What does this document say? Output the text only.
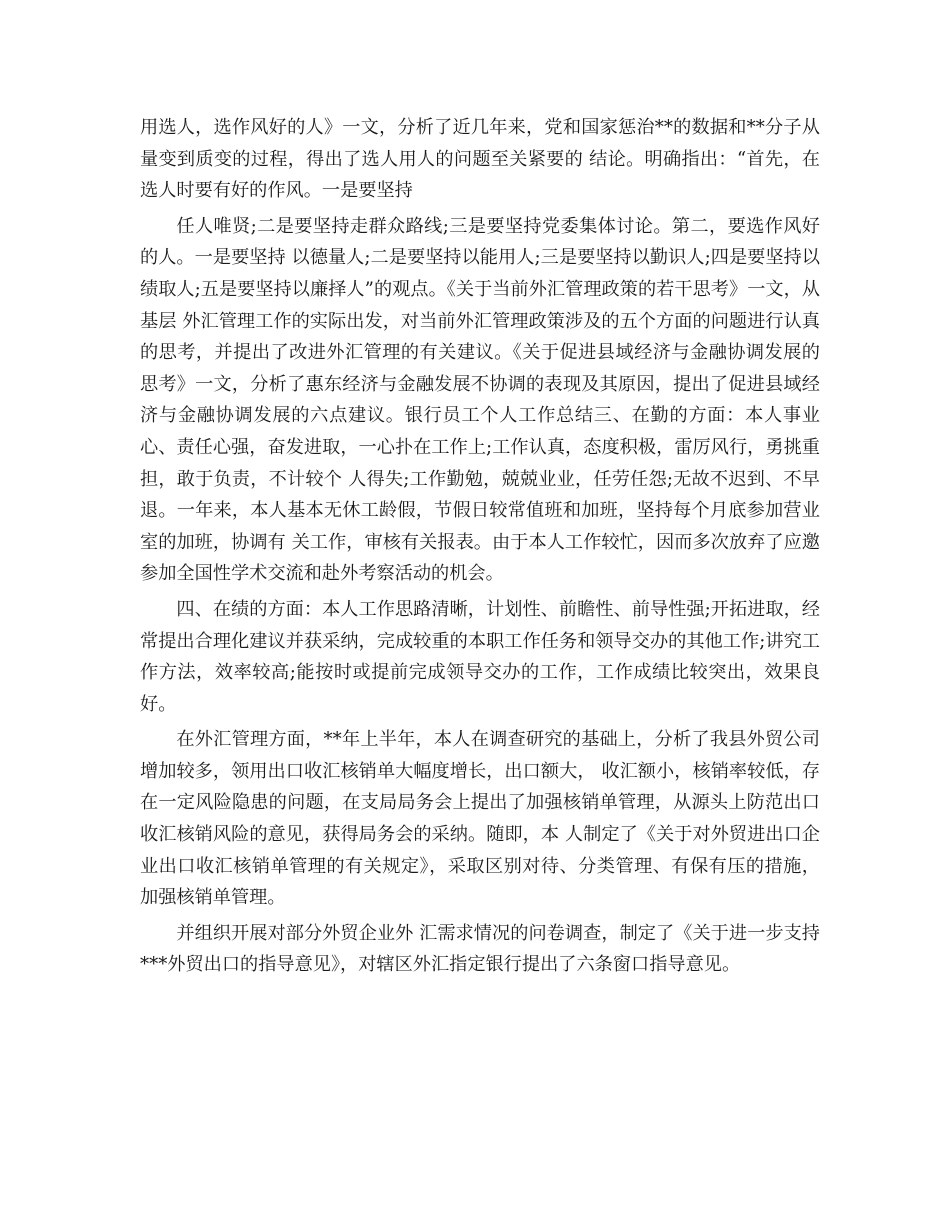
用选人，选作风好的人》一文，分析了近几年来，党和国家惩治**的数据和**分子从量变到质变的过程，得出了选人用人的问题至关紧要的 结论。明确指出：“首先，在选人时要有好的作风。一是要坚持

任人唯贤;二是要坚持走群众路线;三是要坚持党委集体讨论。第二，要选作风好的人。一是要坚持 以德量人;二是要坚持以能用人;三是要坚持以勤识人;四是要坚持以绩取人;五是要坚持以廉择人”的观点。《关于当前外汇管理政策的若干思考》一文，从基层 外汇管理工作的实际出发，对当前外汇管理政策涉及的五个方面的问题进行认真的思考，并提出了改进外汇管理的有关建议。《关于促进县域经济与金融协调发展的 思考》一文，分析了惠东经济与金融发展不协调的表现及其原因，提出了促进县域经济与金融协调发展的六点建议。银行员工个人工作总结三、在勤的方面：本人事业心、责任心强，奋发进取，一心扑在工作上;工作认真，态度积极，雷厉风行，勇挑重担，敢于负责，不计较个 人得失;工作勤勉，兢兢业业，任劳任怨;无故不迟到、不早退。一年来，本人基本无休工龄假，节假日较常值班和加班，坚持每个月底参加营业室的加班，协调有 关工作，审核有关报表。由于本人工作较忙，因而多次放弃了应邀参加全国性学术交流和赴外考察活动的机会。

四、在绩的方面：本人工作思路清晰，计划性、前瞻性、前导性强;开拓进取，经常提出合理化建议并获采纳，完成较重的本职工作任务和领导交办的其他工作;讲究工作方法，效率较高;能按时或提前完成领导交办的工作，工作成绩比较突出，效果良好。

在外汇管理方面，**年上半年，本人在调查研究的基础上，分析了我县外贸公司增加较多，领用出口收汇核销单大幅度增长，出口额大， 收汇额小，核销率较低，存在一定风险隐患的问题，在支局局务会上提出了加强核销单管理，从源头上防范出口收汇核销风险的意见，获得局务会的采纳。随即，本 人制定了《关于对外贸进出口企业出口收汇核销单管理的有关规定》，采取区别对待、分类管理、有保有压的措施，加强核销单管理。

并组织开展对部分外贸企业外 汇需求情况的问卷调查，制定了《关于进一步支持***外贸出口的指导意见》，对辖区外汇指定银行提出了六条窗口指导意见。
